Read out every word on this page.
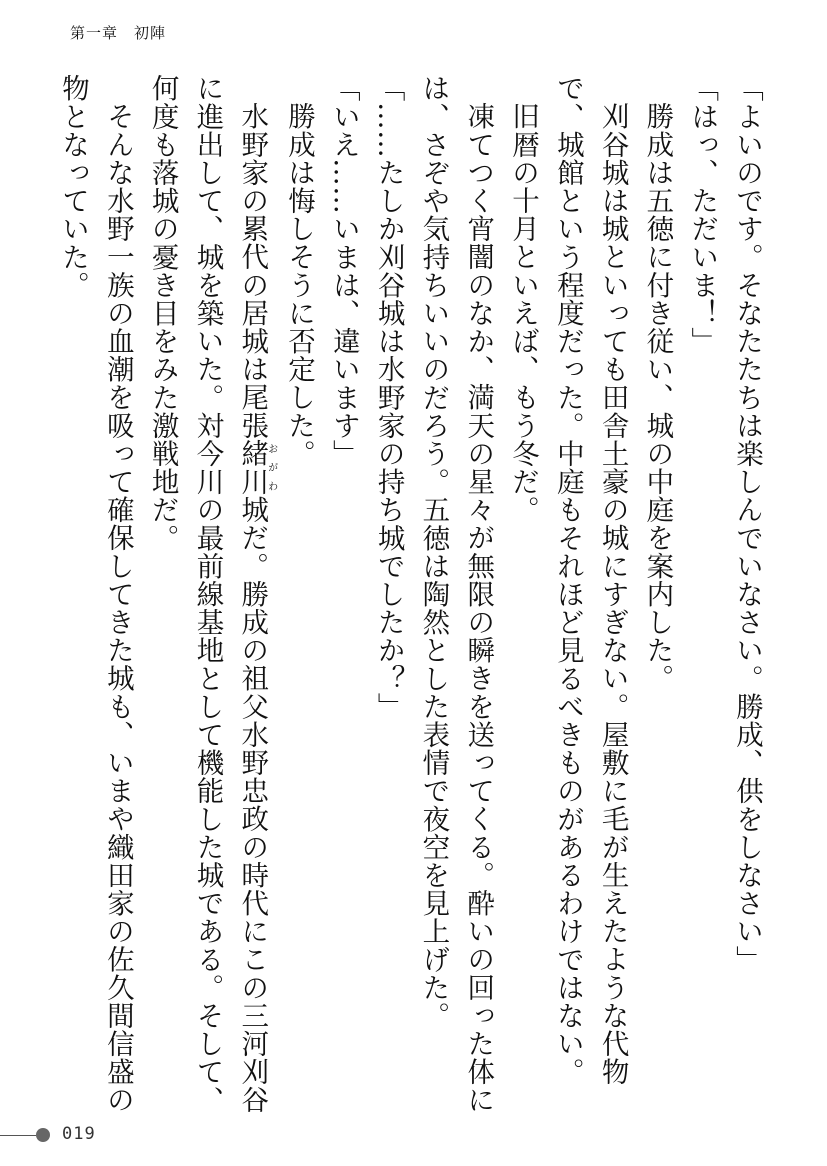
第一章　初陣

「よいのです。そなたたちは楽しんでいなさい。勝成、供をしなさい」

「はっ、ただいま！」

勝成は五徳に付き従い、城の中庭を案内した。

刈谷城は城といっても田舎土豪の城にすぎない。屋敷に毛が生えたような代物で、城館という程度だった。中庭もそれほど見るべきものがあるわけではない。

旧暦の十月といえば、もう冬だ。

凍てつく宵闇のなか、満天の星々が無限の瞬きを送ってくる。酔いの回った体には、さぞや気持ちいいのだろう。五徳は陶然とした表情で夜空を見上げた。

「……たしか刈谷城は水野家の持ち城でしたか？」

「いえ……いまは、違います」

勝成は悔しそうに否定した。

水野家の累代の居城は尾張緒川おがわ城だ。勝成の祖父水野忠政の時代にこの三河刈谷に進出して、城を築いた。対今川の最前線基地として機能した城である。そして、何度も落城の憂き目をみた激戦地だ。

そんな水野一族の血潮を吸って確保してきた城も、いまや織田家の佐久間信盛の物となっていた。

019
